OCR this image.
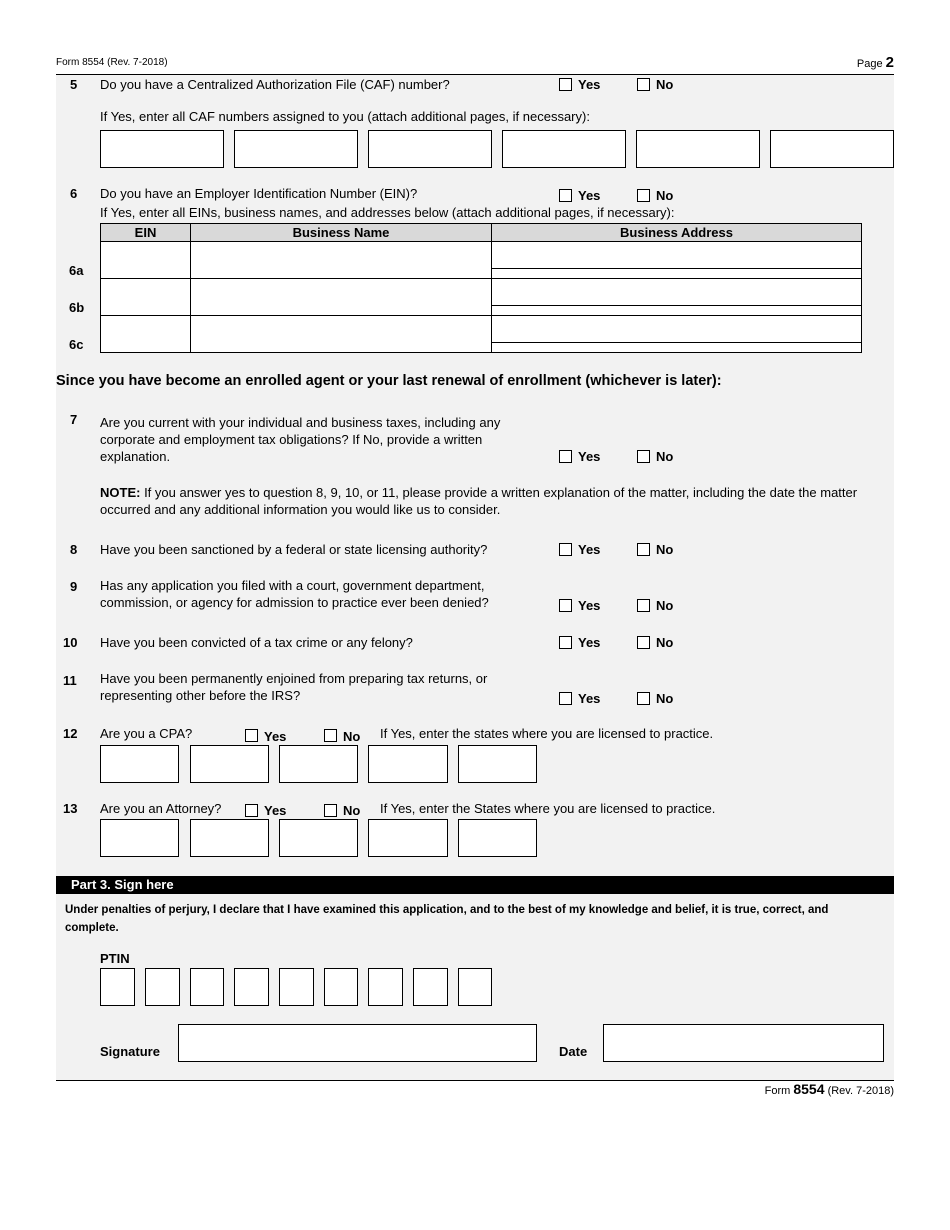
Form 8554 (Rev. 7-2018)	Page 2
5 Do you have a Centralized Authorization File (CAF) number?	Yes	No
If Yes, enter all CAF numbers assigned to you (attach additional pages, if necessary):
6 Do you have an Employer Identification Number (EIN)?	Yes	No
If Yes, enter all EINs, business names, and addresses below (attach additional pages, if necessary):
EIN	Business Name	Business Address

6a
6b
6c
Since you have become an enrolled agent or your last renewal of enrollment (whichever is later):
7 Are you current with your individual and business taxes, including any
corporate and employment tax obligations? If No, provide a written
explanation.	Yes	No
NOTE: If you answer yes to question 8, 9, 10, or 11, please provide a written explanation of the matter, including the date the matter occurred and any additional information you would like us to consider.
8 Have you been sanctioned by a federal or state licensing authority?	Yes	No
9 Has any application you filed with a court, government department,
commission, or agency for admission to practice ever been denied?	Yes	No
10 Have you been convicted of a tax crime or any felony?	Yes	No
11 Have you been permanently enjoined from preparing tax returns, or
representing other before the IRS?	Yes	No
12 Are you a CPA?	Yes	No If Yes, enter the states where you are licensed to practice.
13 Are you an Attorney?	Yes	No If Yes, enter the States where you are licensed to practice.
Part 3. Sign here
Under penalties of perjury, I declare that I have examined this application, and to the best of my knowledge and belief, it is true, correct, and complete.
PTIN
Signature	Date
Form 8554 (Rev. 7-2018)
